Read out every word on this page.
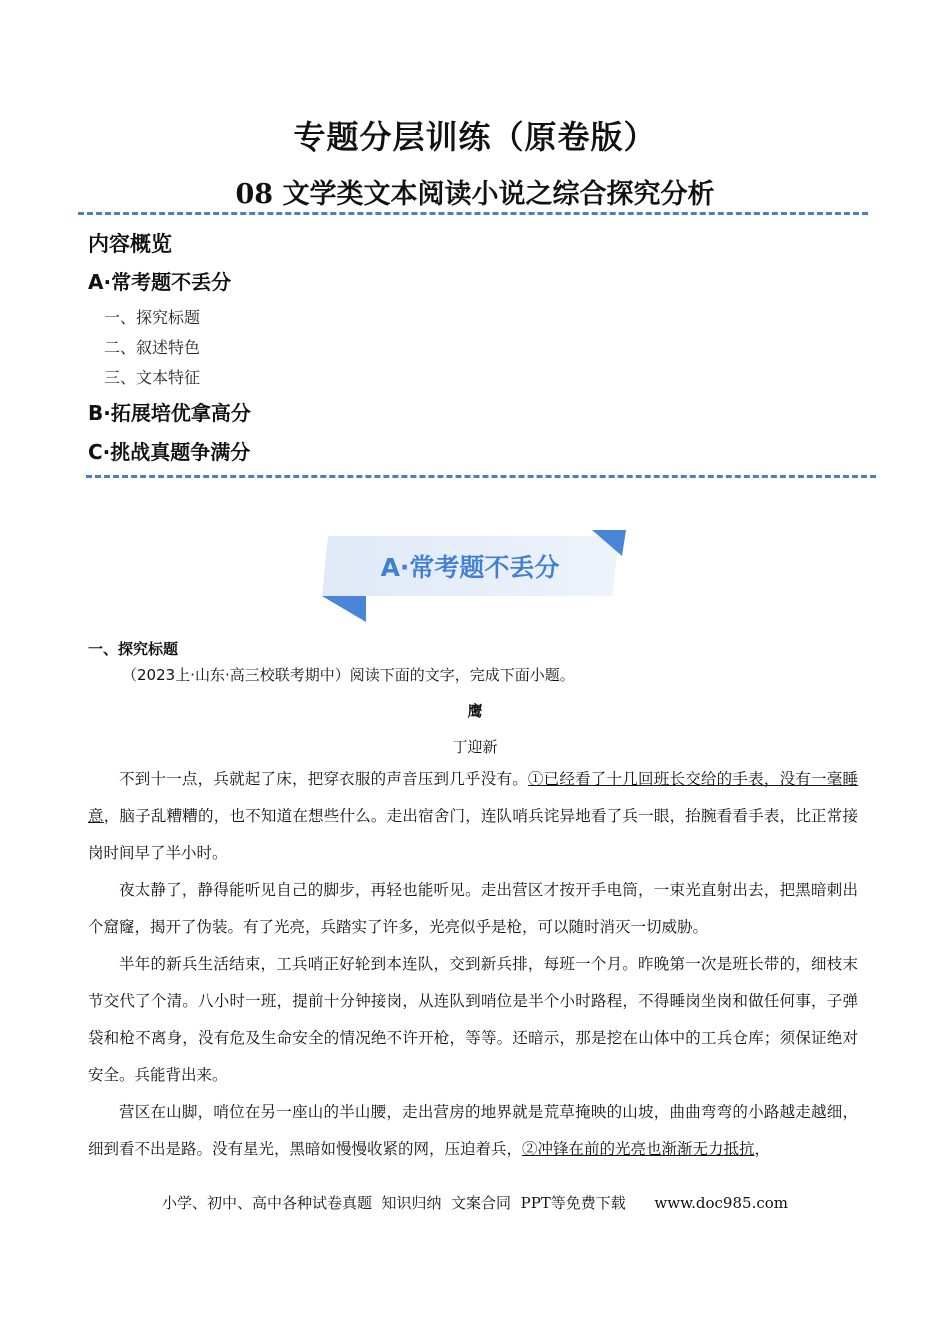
专题分层训练（原卷版）
08 文学类文本阅读小说之综合探究分析
内容概览
A·常考题不丢分
一、探究标题
二、叙述特色
三、文本特征
B·拓展培优拿高分
C·挑战真题争满分
A·常考题不丢分
一、探究标题
（2023上·山东·高三校联考期中）阅读下面的文字，完成下面小题。
鹰
丁迎新

不到十一点，兵就起了床，把穿衣服的声音压到几乎没有。①已经看了十几回班长交给的手表，没有一毫睡意，脑子乱糟糟的，也不知道在想些什么。走出宿舍门，连队哨兵诧异地看了兵一眼，抬腕看看手表，比正常接岗时间早了半小时。

夜太静了，静得能听见自己的脚步，再轻也能听见。走出营区才按开手电筒，一束光直射出去，把黑暗刺出个窟窿，揭开了伪装。有了光亮，兵踏实了许多，光亮似乎是枪，可以随时消灭一切威胁。

半年的新兵生活结束，工兵哨正好轮到本连队，交到新兵排，每班一个月。昨晚第一次是班长带的，细枝末节交代了个清。八小时一班，提前十分钟接岗，从连队到哨位是半个小时路程，不得睡岗坐岗和做任何事，子弹袋和枪不离身，没有危及生命安全的情况绝不许开枪，等等。还暗示，那是挖在山体中的工兵仓库；须保证绝对安全。兵能背出来。

营区在山脚，哨位在另一座山的半山腰，走出营房的地界就是荒草掩映的山坡，曲曲弯弯的小路越走越细，细到看不出是路。没有星光，黑暗如慢慢收紧的网，压迫着兵，②冲锋在前的光亮也渐渐无力抵抗，

小学、初中、高中各种试卷真题  知识归纳  文案合同  PPT等免费下载      www.doc985.com
